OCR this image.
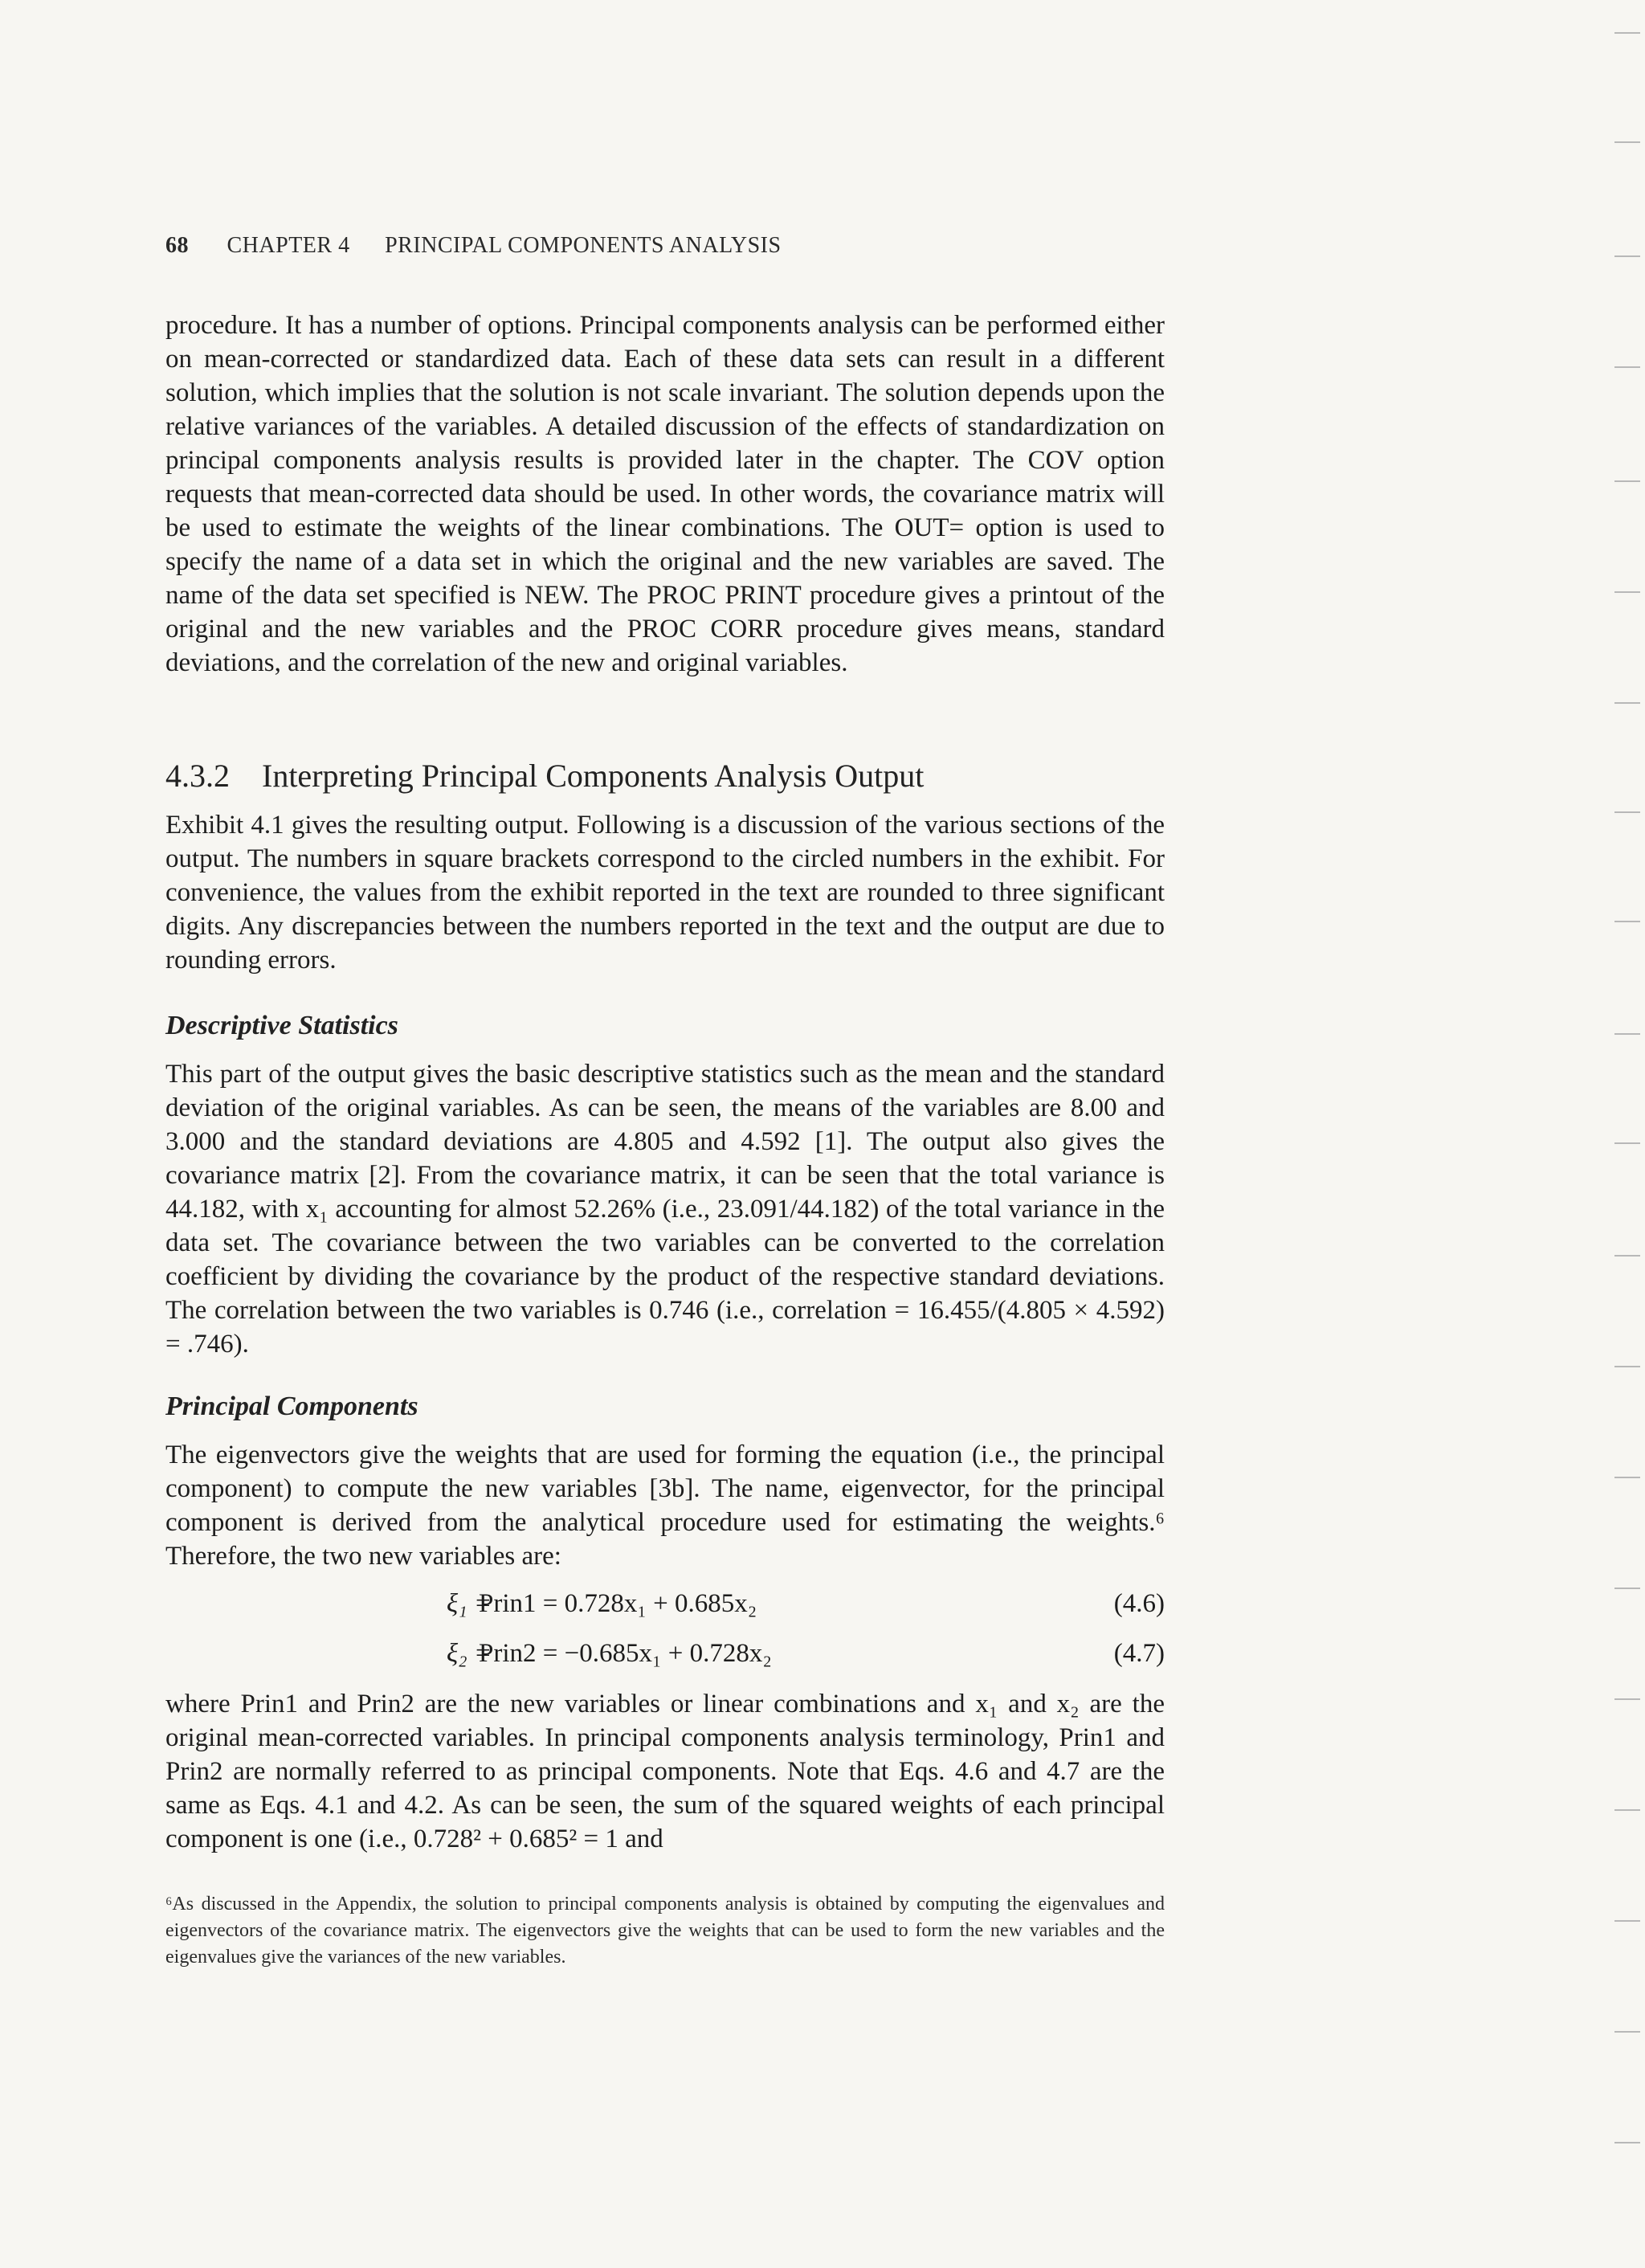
68 CHAPTER 4 PRINCIPAL COMPONENTS ANALYSIS
procedure. It has a number of options. Principal components analysis can be performed either on mean-corrected or standardized data. Each of these data sets can result in a different solution, which implies that the solution is not scale invariant. The solution depends upon the relative variances of the variables. A detailed discussion of the effects of standardization on principal components analysis results is provided later in the chapter. The COV option requests that mean-corrected data should be used. In other words, the covariance matrix will be used to estimate the weights of the linear combinations. The OUT= option is used to specify the name of a data set in which the original and the new variables are saved. The name of the data set specified is NEW. The PROC PRINT procedure gives a printout of the original and the new variables and the PROC CORR procedure gives means, standard deviations, and the correlation of the new and original variables.
4.3.2 Interpreting Principal Components Analysis Output
Exhibit 4.1 gives the resulting output. Following is a discussion of the various sections of the output. The numbers in square brackets correspond to the circled numbers in the exhibit. For convenience, the values from the exhibit reported in the text are rounded to three significant digits. Any discrepancies between the numbers reported in the text and the output are due to rounding errors.
Descriptive Statistics
This part of the output gives the basic descriptive statistics such as the mean and the standard deviation of the original variables. As can be seen, the means of the variables are 8.00 and 3.000 and the standard deviations are 4.805 and 4.592 [1]. The output also gives the covariance matrix [2]. From the covariance matrix, it can be seen that the total variance is 44.182, with x₁ accounting for almost 52.26% (i.e., 23.091/44.182) of the total variance in the data set. The covariance between the two variables can be converted to the correlation coefficient by dividing the covariance by the product of the respective standard deviations. The correlation between the two variables is 0.746 (i.e., correlation = 16.455/(4.805 × 4.592) = .746).
Principal Components
The eigenvectors give the weights that are used for forming the equation (i.e., the principal component) to compute the new variables [3b]. The name, eigenvector, for the principal component is derived from the analytical procedure used for estimating the weights.⁶ Therefore, the two new variables are:
ξ₁ =
Prin1 = 0.728x₁ + 0.685x₂	(4.6)
ξ₂ =
Prin2 = −0.685x₁ + 0.728x₂	(4.7)
where Prin1 and Prin2 are the new variables or linear combinations and x₁ and x₂ are the original mean-corrected variables. In principal components analysis terminology, Prin1 and Prin2 are normally referred to as principal components. Note that Eqs. 4.6 and 4.7 are the same as Eqs. 4.1 and 4.2. As can be seen, the sum of the squared weights of each principal component is one (i.e., 0.728² + 0.685² = 1 and
⁶As discussed in the Appendix, the solution to principal components analysis is obtained by computing the eigenvalues and eigenvectors of the covariance matrix. The eigenvectors give the weights that can be used to form the new variables and the eigenvalues give the variances of the new variables.
